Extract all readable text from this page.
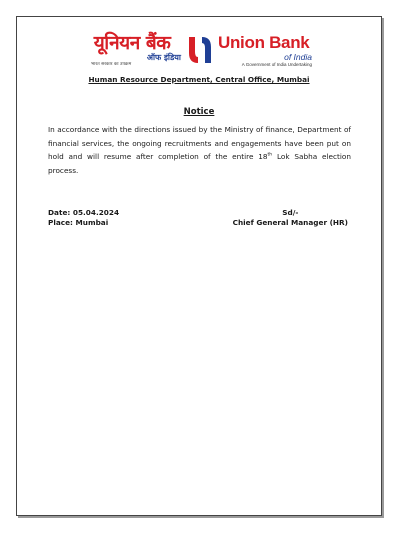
यूनियन बैंक
ऑफ इंडिया
भारत सरकार का उपक्रम
Union Bank
of India
A Government of India Undertaking
Human Resource Department, Central Office, Mumbai
Notice
In accordance with the directions issued by the Ministry of finance, Department of financial services, the ongoing recruitments and engagements have been put on hold and will resume after completion of the entire 18th Lok Sabha election process.
Date: 05.04.2024
Place: Mumbai
Sd/-
Chief General Manager (HR)
